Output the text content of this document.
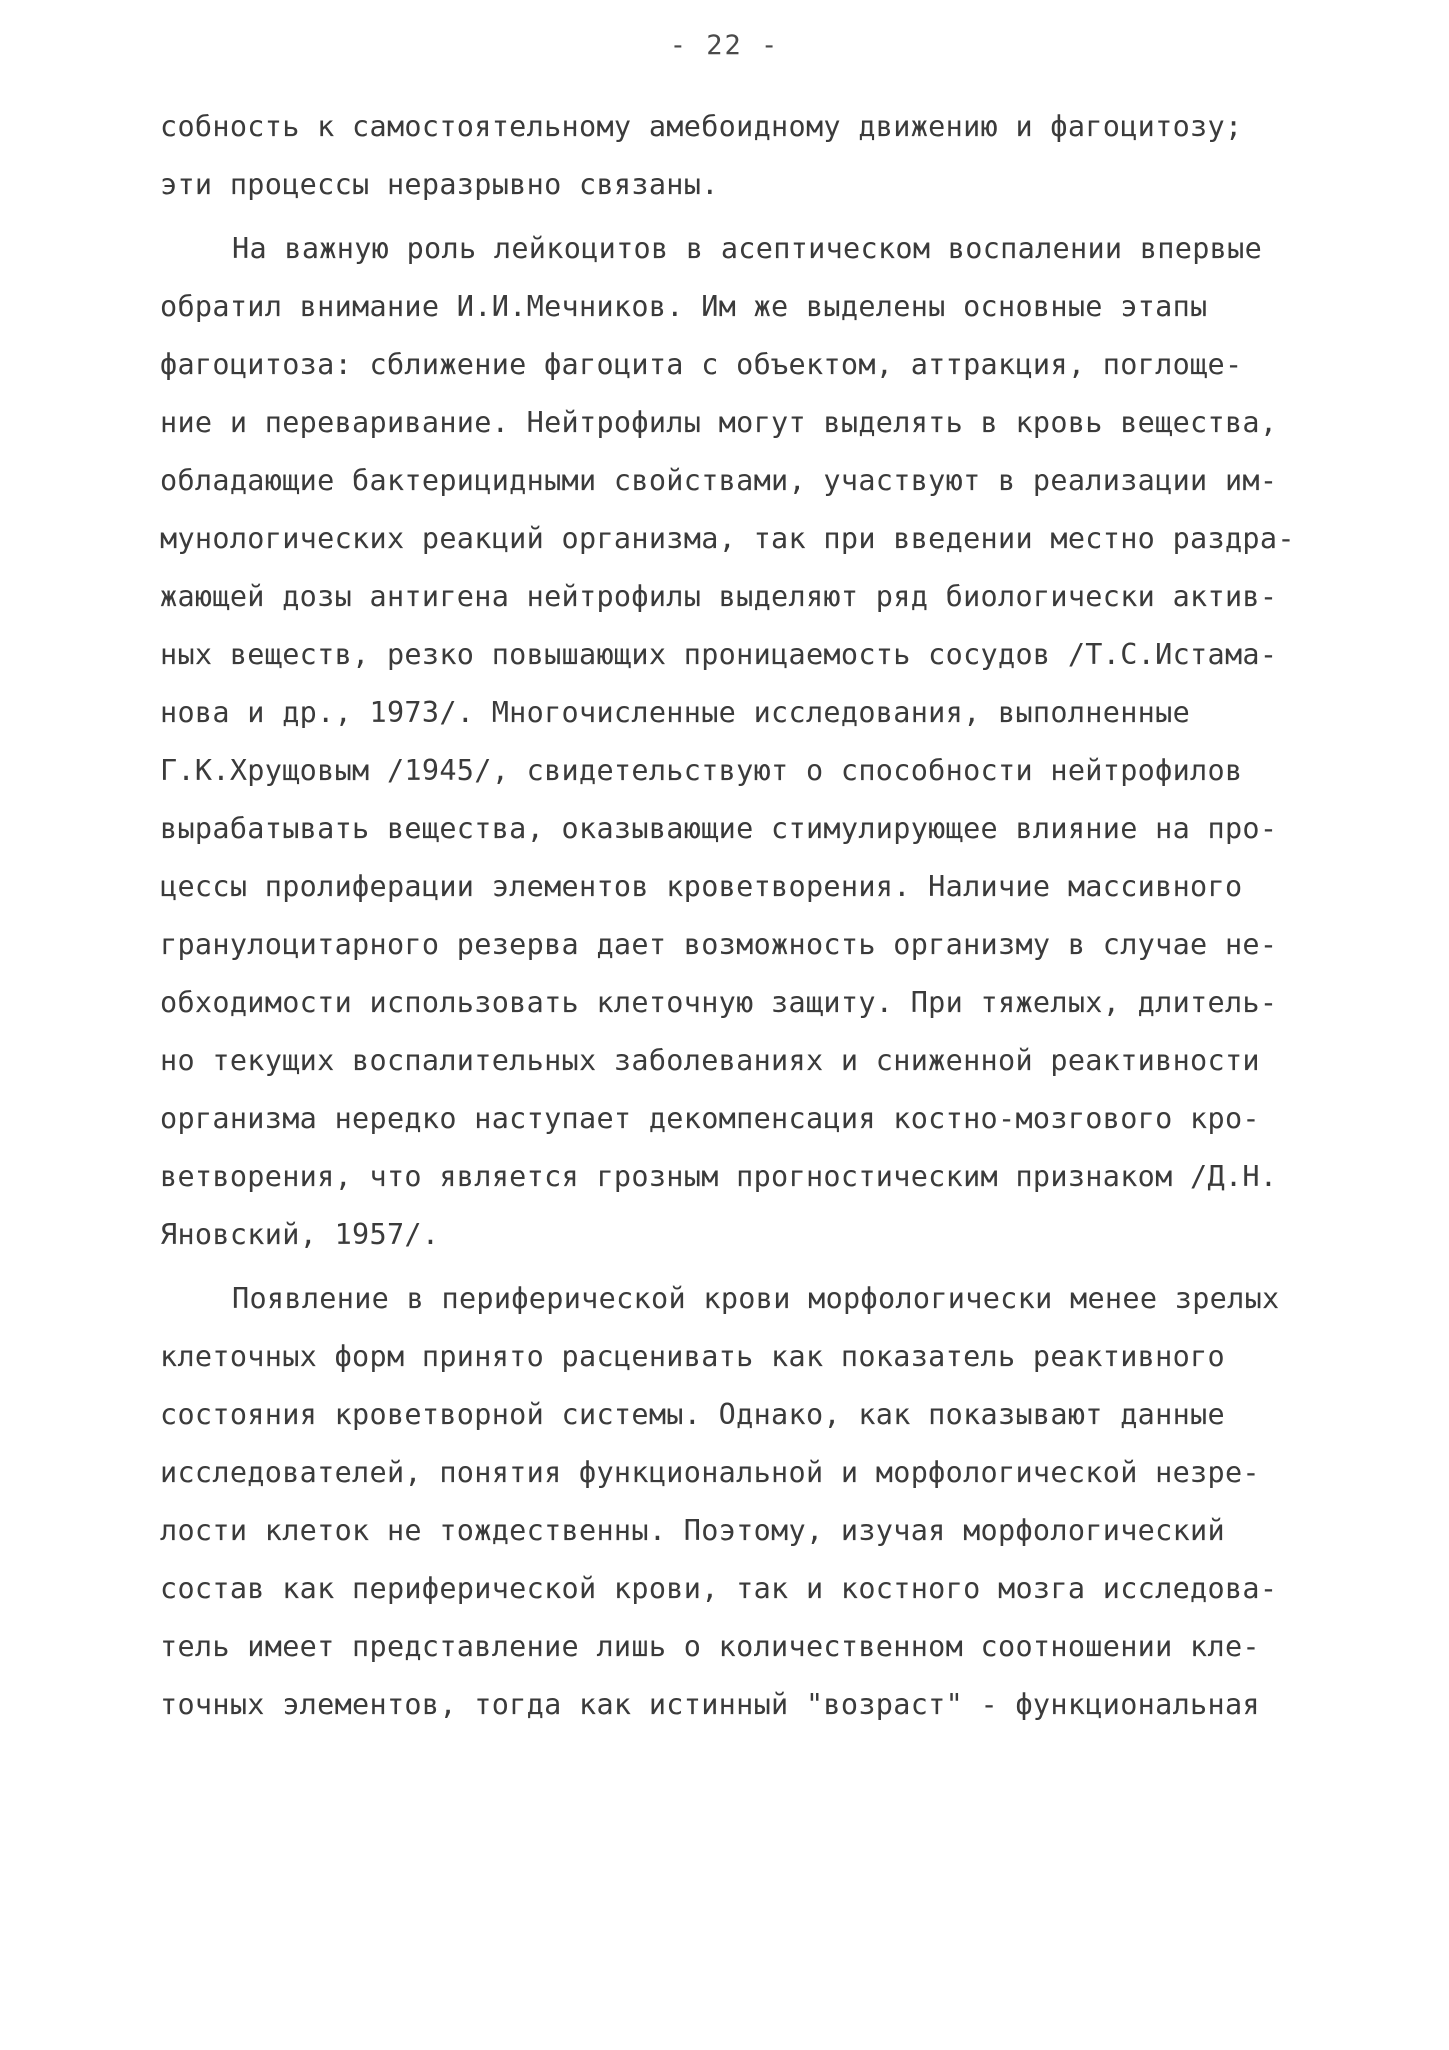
- 22 -
собность к самостоятельному амебоидному движению и фагоцитозу;
эти процессы неразрывно связаны.
На важную роль лейкоцитов в асептическом воспалении впервые
обратил внимание И.И.Мечников. Им же выделены основные этапы
фагоцитоза: сближение фагоцита с объектом, аттракция, поглоще-
ние и переваривание. Нейтрофилы могут выделять в кровь вещества,
обладающие бактерицидными свойствами, участвуют в реализации им-
мунологических реакций организма, так при введении местно раздра-
жающей дозы антигена нейтрофилы выделяют ряд биологически актив-
ных веществ, резко повышающих проницаемость сосудов /Т.С.Истама-
нова и др., 1973/. Многочисленные исследования, выполненные
Г.К.Хрущовым /1945/, свидетельствуют о способности нейтрофилов
вырабатывать вещества, оказывающие стимулирующее влияние на про-
цессы пролиферации элементов кроветворения. Наличие массивного
гранулоцитарного резерва дает возможность организму в случае не-
обходимости использовать клеточную защиту. При тяжелых, длитель-
но текущих воспалительных заболеваниях и сниженной реактивности
организма нередко наступает декомпенсация костно-мозгового кро-
ветворения, что является грозным прогностическим признаком /Д.Н.
Яновский, 1957/.
Появление в периферической крови морфологически менее зрелых
клеточных форм принято расценивать как показатель реактивного
состояния кроветворной системы. Однако, как показывают данные
исследователей, понятия функциональной и морфологической незре-
лости клеток не тождественны. Поэтому, изучая морфологический
состав как периферической крови, так и костного мозга исследова-
тель имеет представление лишь о количественном соотношении кле-
точных элементов, тогда как истинный "возраст" - функциональная
